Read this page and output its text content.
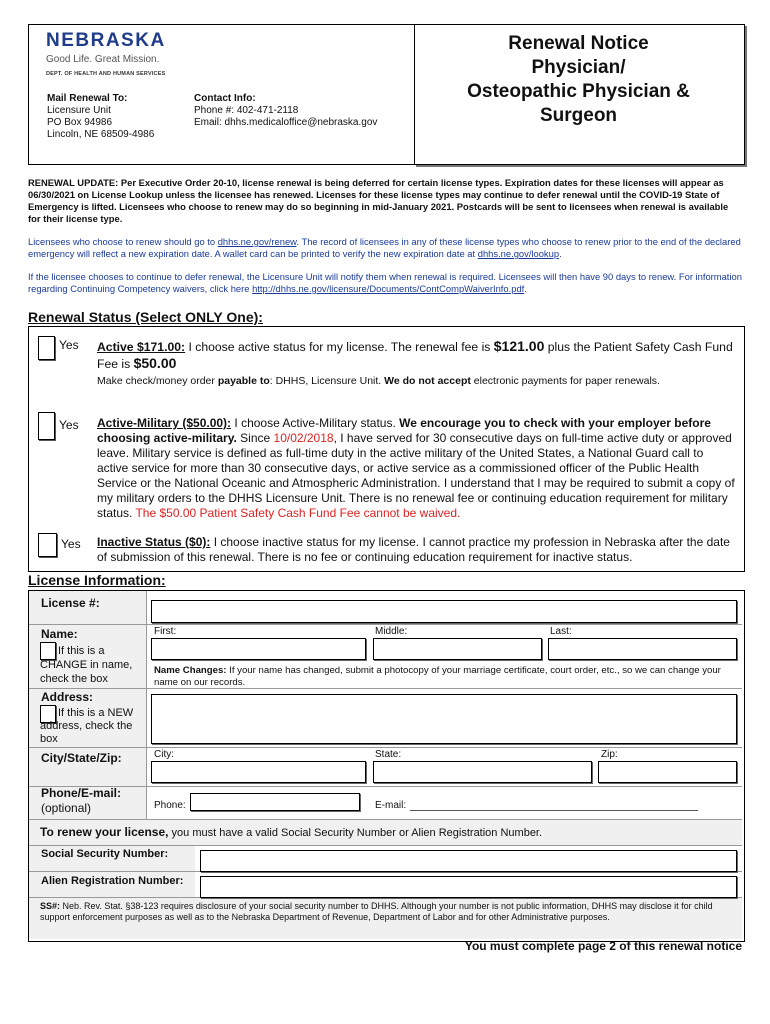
NEBRASKA
Good Life. Great Mission.
DEPT. OF HEALTH AND HUMAN SERVICES
Mail Renewal To:
Licensure Unit
PO Box 94986
Lincoln, NE 68509-4986
Contact Info:
Phone #: 402-471-2118
Email: dhhs.medicaloffice@nebraska.gov
Renewal Notice
Physician/
Osteopathic Physician &
Surgeon
RENEWAL UPDATE: Per Executive Order 20-10, license renewal is being deferred for certain license types. Expiration dates for these licenses will appear as 06/30/2021 on License Lookup unless the licensee has renewed. Licenses for these license types may continue to defer renewal until the COVID-19 State of Emergency is lifted. Licensees who choose to renew may do so beginning in mid-January 2021. Postcards will be sent to licensees when renewal is available for their license type.
Licensees who choose to renew should go to dhhs.ne.gov/renew. The record of licensees in any of these license types who choose to renew prior to the end of the declared emergency will reflect a new expiration date. A wallet card can be printed to verify the new expiration date at dhhs.ne.gov/lookup.
If the licensee chooses to continue to defer renewal, the Licensure Unit will notify them when renewal is required. Licensees will then have 90 days to renew. For information regarding Continuing Competency waivers, click here http://dhhs.ne.gov/licensure/Documents/ContCompWaiverInfo.pdf.
Renewal Status (Select ONLY One):
Yes Active $171.00: I choose active status for my license. The renewal fee is $121.00 plus the Patient Safety Cash Fund Fee is $50.00
Make check/money order payable to: DHHS, Licensure Unit. We do not accept electronic payments for paper renewals.
Yes Active-Military ($50.00): I choose Active-Military status. We encourage you to check with your employer before choosing active-military. Since 10/02/2018, I have served for 30 consecutive days on full-time active duty or approved leave. Military service is defined as full-time duty in the active military of the United States, a National Guard call to active service for more than 30 consecutive days, or active service as a commissioned officer of the Public Health Service or the National Oceanic and Atmospheric Administration. I understand that I may be required to submit a copy of my military orders to the DHHS Licensure Unit. There is no renewal fee or continuing education requirement for military status. The $50.00 Patient Safety Cash Fund Fee cannot be waived.
Yes Inactive Status ($0): I choose inactive status for my license. I cannot practice my profession in Nebraska after the date of submission of this renewal. There is no fee or continuing education requirement for inactive status.
License Information:
License #:
Name:
If this is a CHANGE in name, check the box
First:	Middle:	Last:
Name Changes: If your name has changed, submit a photocopy of your marriage certificate, court order, etc., so we can change your name on our records.
Address:
If this is a NEW address, check the box
City/State/Zip:	City:	State:	Zip:
Phone/E-mail:
(optional)	Phone:	E-mail:
To renew your license, you must have a valid Social Security Number or Alien Registration Number.
Social Security Number:
Alien Registration Number:
SS#: Neb. Rev. Stat. §38-123 requires disclosure of your social security number to DHHS. Although your number is not public information, DHHS may disclose it for child support enforcement purposes as well as to the Nebraska Department of Revenue, Department of Labor and for other Administrative purposes.
You must complete page 2 of this renewal notice
